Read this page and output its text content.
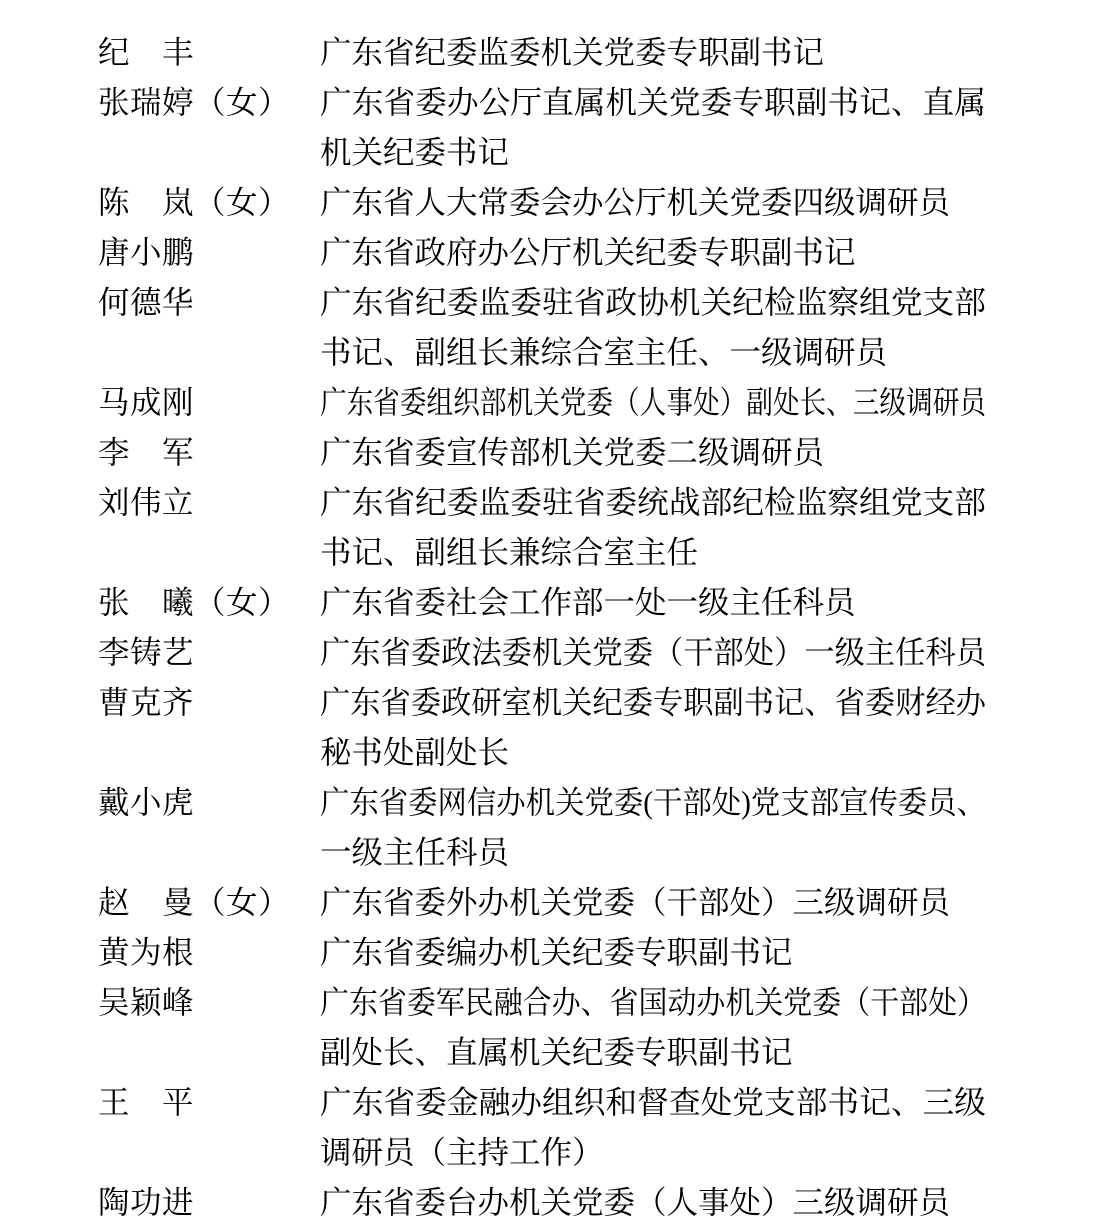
纪　丰	广东省纪委监委机关党委专职副书记
张瑞婷（女） 广东省委办公厅直属机关党委专职副书记、直属
机关纪委书记
陈　岚（女） 广东省人大常委会办公厅机关党委四级调研员
唐小鹏	广东省政府办公厅机关纪委专职副书记
何德华	广东省纪委监委驻省政协机关纪检监察组党支部
书记、副组长兼综合室主任、一级调研员
马成刚	广东省委组织部机关党委（人事处）副处长、三级调研员
李　军	广东省委宣传部机关党委二级调研员
刘伟立	广东省纪委监委驻省委统战部纪检监察组党支部
书记、副组长兼综合室主任
张　曦（女） 广东省委社会工作部一处一级主任科员
李铸艺	广东省委政法委机关党委（干部处）一级主任科员
曹克齐	广东省委政研室机关纪委专职副书记、省委财经办
秘书处副处长
戴小虎	广东省委网信办机关党委(干部处)党支部宣传委员、
一级主任科员
赵　曼（女） 广东省委外办机关党委（干部处）三级调研员
黄为根	广东省委编办机关纪委专职副书记
吴颖峰	广东省委军民融合办、省国动办机关党委（干部处）
副处长、直属机关纪委专职副书记
王　平	广东省委金融办组织和督查处党支部书记、三级
调研员（主持工作）
陶功进	广东省委台办机关党委（人事处）三级调研员
